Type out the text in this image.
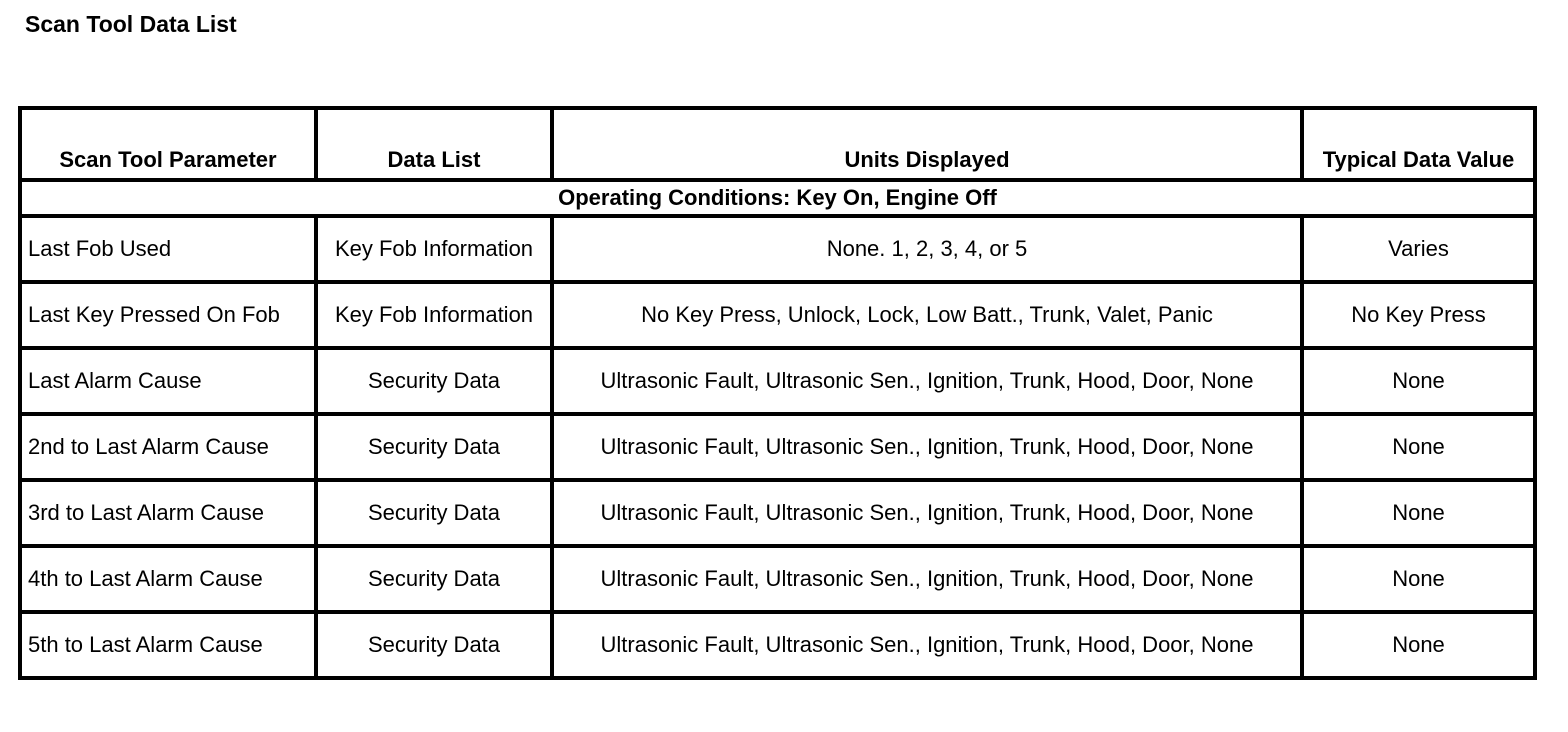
Scan Tool Data List
Scan Tool Parameter	Data List	Units Displayed	Typical Data Value
Operating Conditions: Key On, Engine Off			
Last Fob Used	Key Fob Information	None. 1, 2, 3, 4, or 5	Varies
Last Key Pressed On Fob	Key Fob Information	No Key Press, Unlock, Lock, Low Batt., Trunk, Valet, Panic	No Key Press
Last Alarm Cause	Security Data	Ultrasonic Fault, Ultrasonic Sen., Ignition, Trunk, Hood, Door, None	None
2nd to Last Alarm Cause	Security Data	Ultrasonic Fault, Ultrasonic Sen., Ignition, Trunk, Hood, Door, None	None
3rd to Last Alarm Cause	Security Data	Ultrasonic Fault, Ultrasonic Sen., Ignition, Trunk, Hood, Door, None	None
4th to Last Alarm Cause	Security Data	Ultrasonic Fault, Ultrasonic Sen., Ignition, Trunk, Hood, Door, None	None
5th to Last Alarm Cause	Security Data	Ultrasonic Fault, Ultrasonic Sen., Ignition, Trunk, Hood, Door, None	None
